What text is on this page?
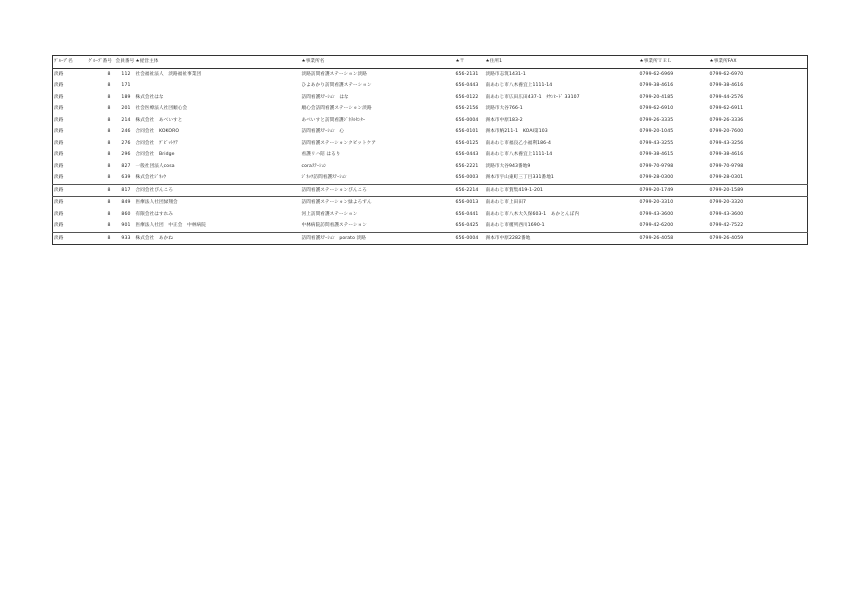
ｸﾞﾙｰﾌﾟ名	ｸﾞﾙｰﾌﾟ番号	会員番号	★経営主体	★事業所名	★〒	★住所1	★事業所ＴＥＬ	★事業所FAX
淡路	8	112	社会福祉法人　淡路福祉事業団	淡路訪問看護ステーション淡路	656-2131	淡路市志筑1431-1	0799-62-6969	0799-62-6970
淡路	8	171		ひよあかり訪問看護ステーション	656-0443	南あわじ市八木養宜上1111-14	0799-38-4616	0799-38-4616
淡路	8	189	株式会社はな	訪問看護ｽﾃｰｼｮﾝ　はな	656-0122	南あわじ市広田広田437-1　ﾀｳﾝﾋｰﾄﾞ 33107	0799-20-4185	0799-44-2576
淡路	8	201	社会医療法人社団順心会	順心会訪問看護ステーション淡路	656-2156	淡路市大谷766-1	0799-62-6910	0799-62-6911
淡路	8	214	株式会社　あべいすと	あべいすと訪問看護ｼﾞﾈﾗﾙｾﾝﾀｰ	656-0004	洲本市中原183-2	0799-26-3335	0799-26-3336
淡路	8	246	合同会社　KOKORO	訪問看護ｽﾃｰｼｮﾝ　心	656-0101	洲本市納211-1　KOAI第103	0799-20-1045	0799-20-7600
淡路	8	276	合同会社　ｸﾞﾋﾞｯﾄｹｱ	訪問看護ステーションクビットケア	656-0125	南あわじ市福良乙小福利186-4	0799-43-3255	0799-43-3256
淡路	8	296	合同会社　Bridge	看護リハ陪 はるり	656-0443	南あわじ市八木養宜上1111-14	0799-38-4615	0799-38-4616
淡路	8	827	一般社団法人cosa	coraｽﾃｰｼｮﾝ	656-2221	淡路市大谷943番地9	0799-70-9798	0799-70-9798
淡路	8	639	株式会社ｼﾞﾈｯｸ	ｼﾞﾈｯｸ訪問看護ｽﾃｰｼｮﾝ	656-0003	洲本市宇山東町三丁目331番地1	0799-28-0300	0799-28-0301
淡路	8	817	合同会社ぴんころ	訪問看護ステーションぴんころ	656-2214	南あわじ市賀集419-1-201	0799-20-1749	0799-20-1589
淡路	8	849	医療法人社団緑翔会	訪問看護ステーション緑よろずん	656-0013	南あわじ市上田田7	0799-20-3310	0799-20-3320
淡路	8	860	有限会社はすれみ	河上訪問看護ステーション	656-0441	南あわじ市八木大久保603-1　あかとんぼ内	0799-43-3600	0799-43-3600
淡路	8	901	医療法人社団　中正会　中林病院	中林病院訪問看護ステーション	656-0425	南あわじ市榎列西川1690-1	0799-42-6200	0799-42-7522
淡路	8	933	株式会社　あかね	訪問看護ｽﾃｰｼｮﾝ　porato 淡路	656-0004	洲本市中原2282番地	0799-26-4058	0799-26-4059
